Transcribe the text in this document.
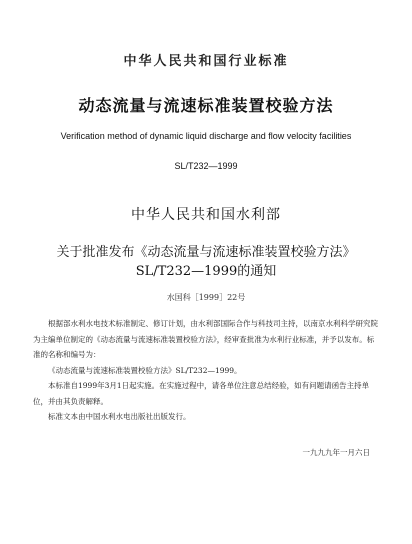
中华人民共和国行业标准
动态流量与流速标准装置校验方法
Verification method of dynamic liquid discharge and flow velocity facilities
SL/T232—1999
中华人民共和国水利部
关于批准发布《动态流量与流速标准装置校验方法》
SL/T232—1999的通知
水国科［1999］22号

根据部水利水电技术标准制定、修订计划，由水利部国际合作与科技司主持，以南京水利科学研究院为主编单位制定的《动态流量与流速标准装置校验方法》，经审查批准为水利行业标准，并予以发布。标准的名称和编号为：

《动态流量与流速标准装置校验方法》SL/T232—1999。

本标准自1999年3月1日起实施。在实施过程中，请各单位注意总结经验，如有问题请函告主持单位，并由其负责解释。

标准文本由中国水利水电出版社出版发行。

一九九九年一月六日
